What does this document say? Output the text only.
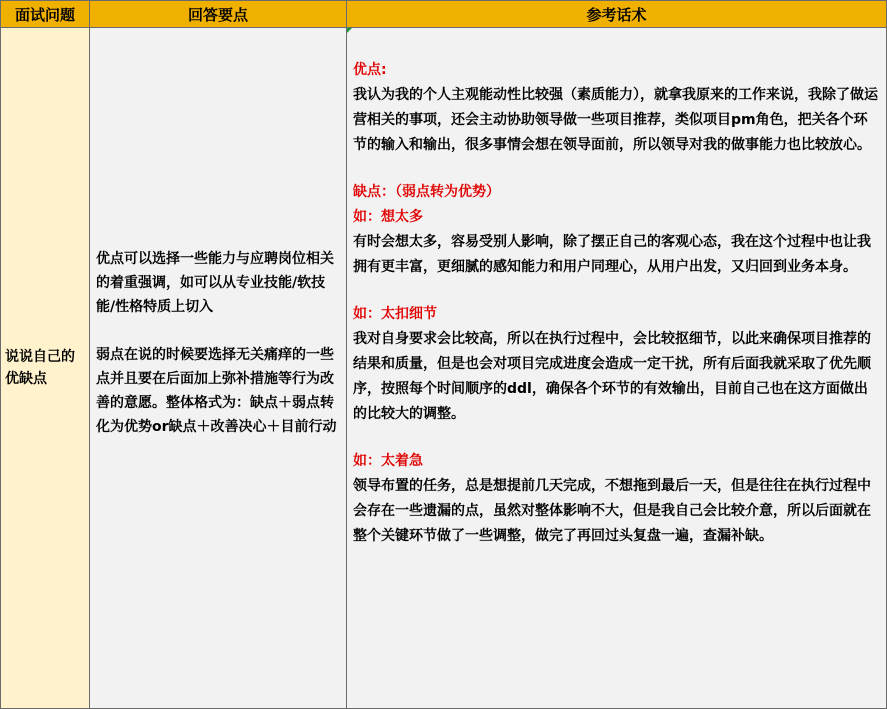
面试问题	回答要点	参考话术
说说自己的优缺点

优点可以选择一些能力与应聘岗位相关的着重强调，如可以从专业技能/软技能/性格特质上切入

弱点在说的时候要选择无关痛痒的一些点并且要在后面加上弥补措施等行为改善的意愿。整体格式为：缺点＋弱点转化为优势or缺点＋改善决心＋目前行动

优点:

我认为我的个人主观能动性比较强（素质能力），就拿我原来的工作来说，我除了做运营相关的事项，还会主动协助领导做一些项目推荐，类似项目pm角色，把关各个环节的输入和输出，很多事情会想在领导面前，所以领导对我的做事能力也比较放心。

缺点：（弱点转为优势）

如：想太多

有时会想太多，容易受别人影响，除了摆正自己的客观心态，我在这个过程中也让我拥有更丰富，更细腻的感知能力和用户同理心，从用户出发，又归回到业务本身。

如：太扣细节

我对自身要求会比较高，所以在执行过程中，会比较抠细节，以此来确保项目推荐的结果和质量，但是也会对项目完成进度会造成一定干扰，所有后面我就采取了优先顺序，按照每个时间顺序的ddl，确保各个环节的有效输出，目前自己也在这方面做出的比较大的调整。

如：太着急

领导布置的任务，总是想提前几天完成，不想拖到最后一天，但是往往在执行过程中会存在一些遗漏的点，虽然对整体影响不大，但是我自己会比较介意，所以后面就在整个关键环节做了一些调整，做完了再回过头复盘一遍，查漏补缺。
